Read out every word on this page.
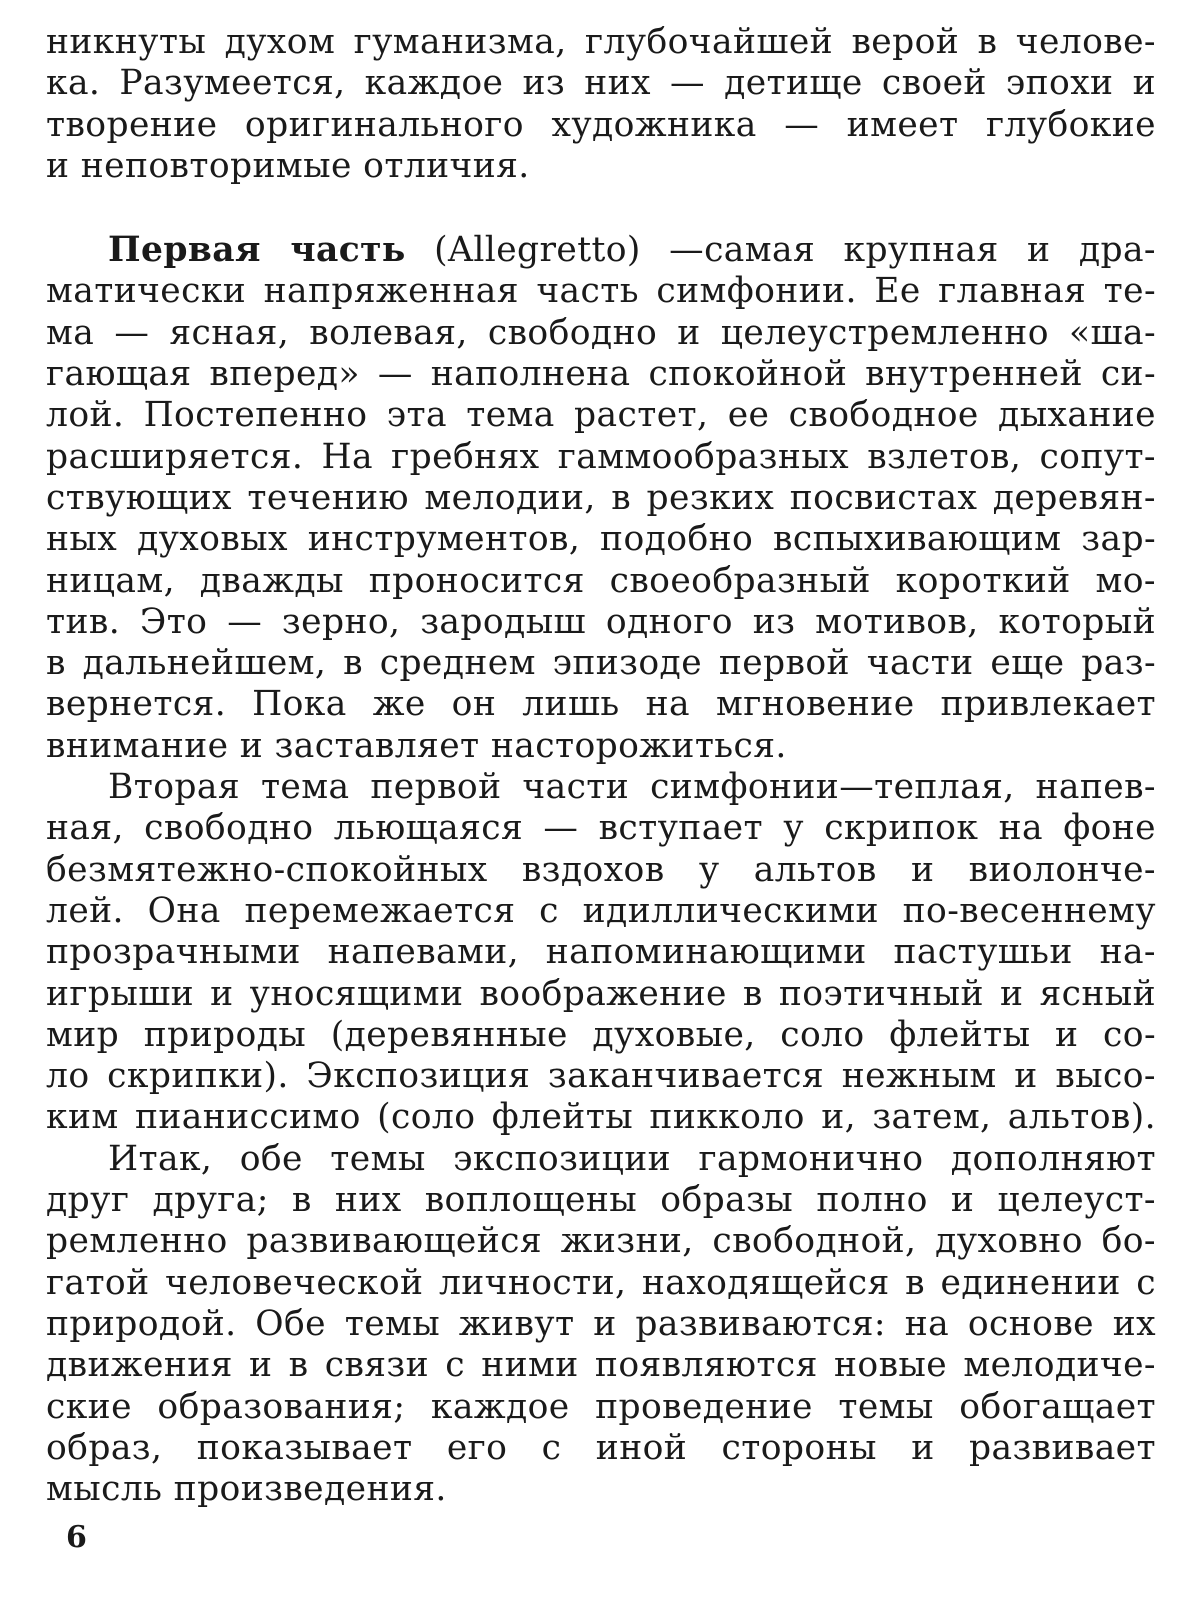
никнуты духом гуманизма, глубочайшей верой в челове-
ка. Разумеется, каждое из них — детище своей эпохи и
творение оригинального художника — имеет глубокие
и неповторимые отличия.
Первая часть (Allegretto) —самая крупная и дра-
матически напряженная часть симфонии. Ее главная те-
ма — ясная, волевая, свободно и целеустремленно «ша-
гающая вперед» — наполнена спокойной внутренней си-
лой. Постепенно эта тема растет, ее свободное дыхание
расширяется. На гребнях гаммообразных взлетов, сопут-
ствующих течению мелодии, в резких посвистах деревян-
ных духовых инструментов, подобно вспыхивающим зар-
ницам, дважды проносится своеобразный короткий мо-
тив. Это — зерно, зародыш одного из мотивов, который
в дальнейшем, в среднем эпизоде первой части еще раз-
вернется. Пока же он лишь на мгновение привлекает
внимание и заставляет насторожиться.
Вторая тема первой части симфонии—теплая, напев-
ная, свободно льющаяся — вступает у скрипок на фоне
безмятежно-спокойных вздохов у альтов и виолонче-
лей. Она перемежается с идиллическими по-весеннему
прозрачными напевами, напоминающими пастушьи на-
игрыши и уносящими воображение в поэтичный и ясный
мир природы (деревянные духовые, соло флейты и со-
ло скрипки). Экспозиция заканчивается нежным и высо-
ким пианиссимо (соло флейты пикколо и, затем, альтов).
Итак, обе темы экспозиции гармонично дополняют
друг друга; в них воплощены образы полно и целеуст-
ремленно развивающейся жизни, свободной, духовно бо-
гатой человеческой личности, находящейся в единении с
природой. Обе темы живут и развиваются: на основе их
движения и в связи с ними появляются новые мелодиче-
ские образования; каждое проведение темы обогащает
образ, показывает его с иной стороны и развивает
мысль произведения.
6
